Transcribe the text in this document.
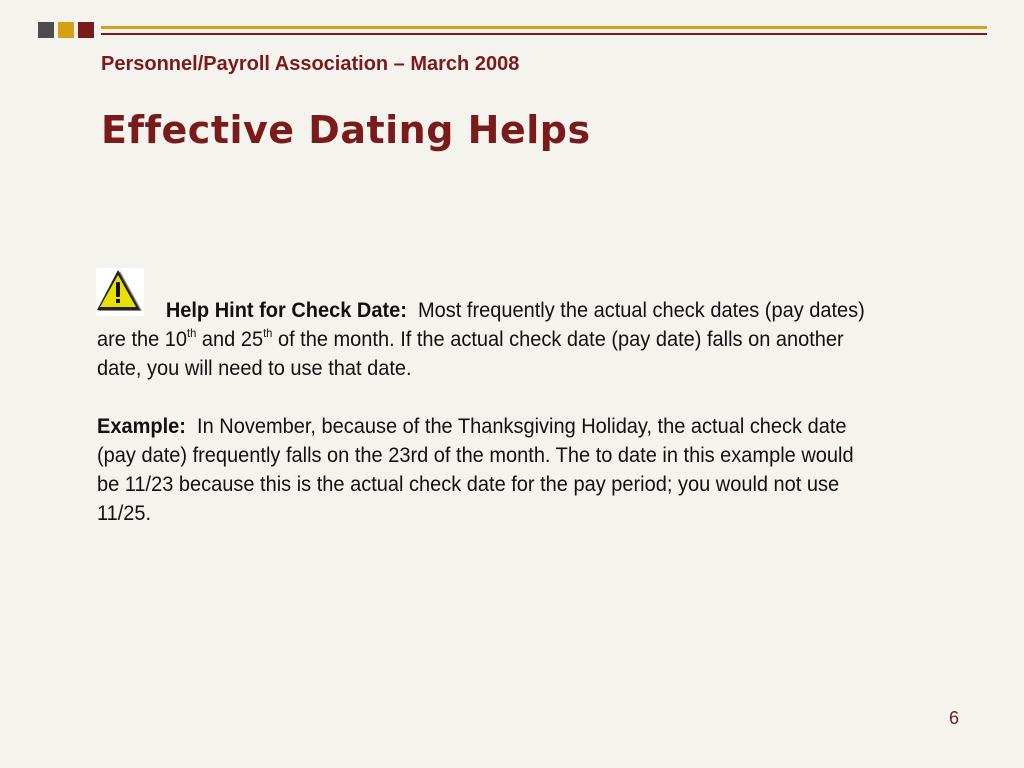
Personnel/Payroll Association – March 2008
Effective Dating Helps

Help Hint for Check Date: Most frequently the actual check dates (pay dates) are the 10th and 25th of the month. If the actual check date (pay date) falls on another date, you will need to use that date.

Example: In November, because of the Thanksgiving Holiday, the actual check date (pay date) frequently falls on the 23rd of the month. The to date in this example would be 11/23 because this is the actual check date for the pay period; you would not use 11/25.

6
